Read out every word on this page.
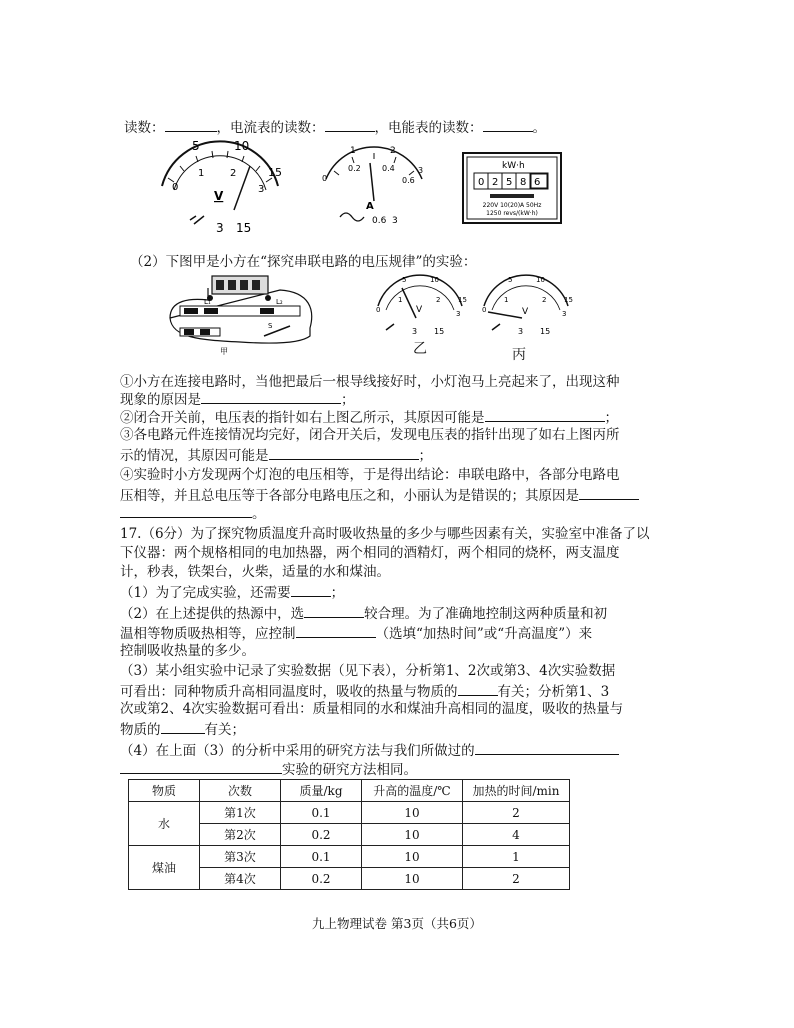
读数：	，电流表的读数：	，电能表的读数：	。
5	10
15
0
1	2
3
V
3 15
1	2
0
0.2	0.4
0.6
3
A
0.6 3
kW·h
0 2 5 8 6
220V 10(20)A 50Hz
1250 revs/(kW·h)
（2）下图甲是小方在“探究串联电路的电压规律”的实验：
L₁	L₂
S
甲
0
5	10
15
1	2
3
V
3 15
0
5	10
15
1	2
3
V
3 15
乙	丙
①小方在连接电路时，当他把最后一根导线接好时，小灯泡马上亮起来了，出现这种
现象的原因是	；
②闭合开关前，电压表的指针如右上图乙所示，其原因可能是	；
③各电路元件连接情况均完好，闭合开关后，发现电压表的指针出现了如右上图丙所
示的情况，其原因可能是	；
④实验时小方发现两个灯泡的电压相等，于是得出结论：串联电路中，各部分电路电
压相等，并且总电压等于各部分电路电压之和，小丽认为是错误的；其原因是
。
17.（6分）为了探究物质温度升高时吸收热量的多少与哪些因素有关，实验室中准备了以
下仪器：两个规格相同的电加热器，两个相同的酒精灯，两个相同的烧杯，两支温度
计，秒表，铁架台，火柴，适量的水和煤油。
（1）为了完成实验，还需要	；
（2）在上述提供的热源中，选	较合理。为了准确地控制这两种质量和初
温相等物质吸热相等，应控制	（选填“加热时间”或“升高温度”）来
控制吸收热量的多少。
（3）某小组实验中记录了实验数据（见下表），分析第1、2次或第3、4次实验数据
可看出：同种物质升高相同温度时，吸收的热量与物质的	有关；分析第1、3
次或第2、4次实验数据可看出：质量相同的水和煤油升高相同的温度，吸收的热量与
物质的	有关；
（4）在上面（3）的分析中采用的研究方法与我们所做过的
实验的研究方法相同。
物质	次数	质量/kg	升高的温度/℃	加热的时间/min
水	第1次	0.1	10	2
	第2次	0.2	10	4
煤油	第3次	0.1	10	1
	第4次	0.2	10	2
九上物理试卷 第3页（共6页）
